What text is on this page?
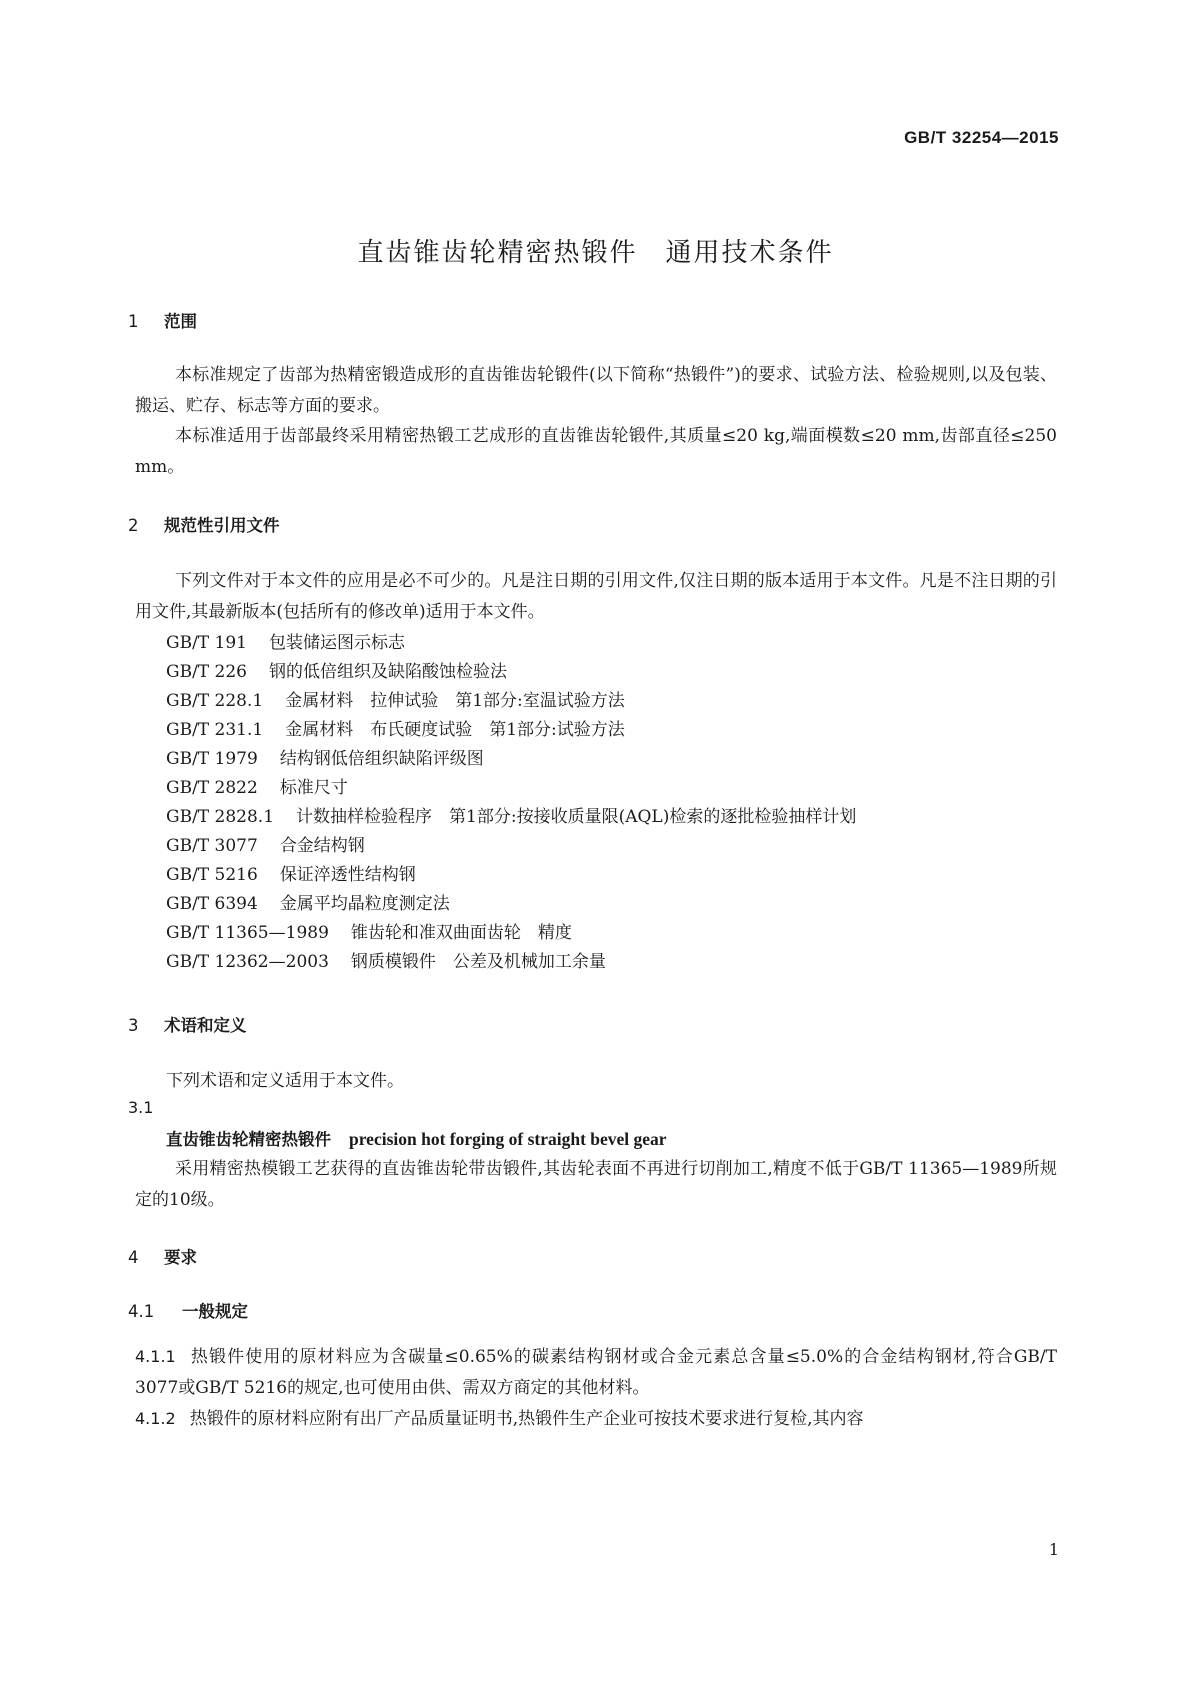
GB/T 32254—2015
直齿锥齿轮精密热锻件　通用技术条件
1 范围
本标准规定了齿部为热精密锻造成形的直齿锥齿轮锻件(以下简称“热锻件”)的要求、试验方法、检验规则,以及包装、搬运、贮存、标志等方面的要求。
本标准适用于齿部最终采用精密热锻工艺成形的直齿锥齿轮锻件,其质量≤20 kg,端面模数≤20 mm,齿部直径≤250 mm。
2 规范性引用文件
下列文件对于本文件的应用是必不可少的。凡是注日期的引用文件,仅注日期的版本适用于本文件。凡是不注日期的引用文件,其最新版本(包括所有的修改单)适用于本文件。
GB/T 191 包装储运图示标志
GB/T 226 钢的低倍组织及缺陷酸蚀检验法
GB/T 228.1 金属材料　拉伸试验　第1部分:室温试验方法
GB/T 231.1 金属材料　布氏硬度试验　第1部分:试验方法
GB/T 1979 结构钢低倍组织缺陷评级图
GB/T 2822 标准尺寸
GB/T 2828.1 计数抽样检验程序　第1部分:按接收质量限(AQL)检索的逐批检验抽样计划
GB/T 3077 合金结构钢
GB/T 5216 保证淬透性结构钢
GB/T 6394 金属平均晶粒度测定法
GB/T 11365—1989 锥齿轮和准双曲面齿轮　精度
GB/T 12362—2003 钢质模锻件　公差及机械加工余量
3 术语和定义
下列术语和定义适用于本文件。
3.1
直齿锥齿轮精密热锻件 precision hot forging of straight bevel gear
采用精密热模锻工艺获得的直齿锥齿轮带齿锻件,其齿轮表面不再进行切削加工,精度不低于GB/T 11365—1989所规定的10级。
4 要求
4.1 一般规定
4.1.1 热锻件使用的原材料应为含碳量≤0.65%的碳素结构钢材或合金元素总含量≤5.0%的合金结构钢材,符合GB/T 3077或GB/T 5216的规定,也可使用由供、需双方商定的其他材料。
4.1.2 热锻件的原材料应附有出厂产品质量证明书,热锻件生产企业可按技术要求进行复检,其内容
1
